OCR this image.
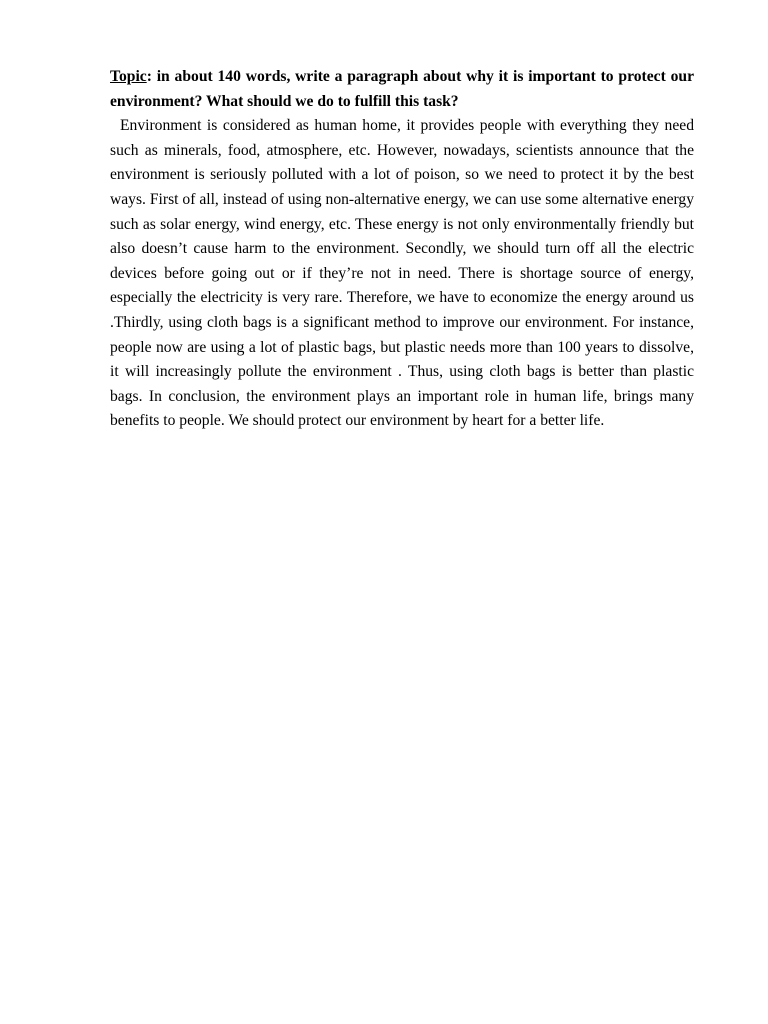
Topic: in about 140 words, write a paragraph about why it is important to protect our environment? What should we do to fulfill this task?

Environment is considered as human home, it provides people with everything they need such as minerals, food, atmosphere, etc. However, nowadays, scientists announce that the environment is seriously polluted with a lot of poison, so we need to protect it by the best ways. First of all, instead of using non-alternative energy, we can use some alternative energy such as solar energy, wind energy, etc. These energy is not only environmentally friendly but also doesn’t cause harm to the environment. Secondly, we should turn off all the electric devices before going out or if they’re not in need. There is shortage source of energy, especially the electricity is very rare. Therefore, we have to economize the energy around us .Thirdly, using cloth bags is a significant method to improve our environment. For instance, people now are using a lot of plastic bags, but plastic needs more than 100 years to dissolve, it will increasingly pollute the environment . Thus, using cloth bags is better than plastic bags. In conclusion, the environment plays an important role in human life, brings many benefits to people. We should protect our environment by heart for a better life.
